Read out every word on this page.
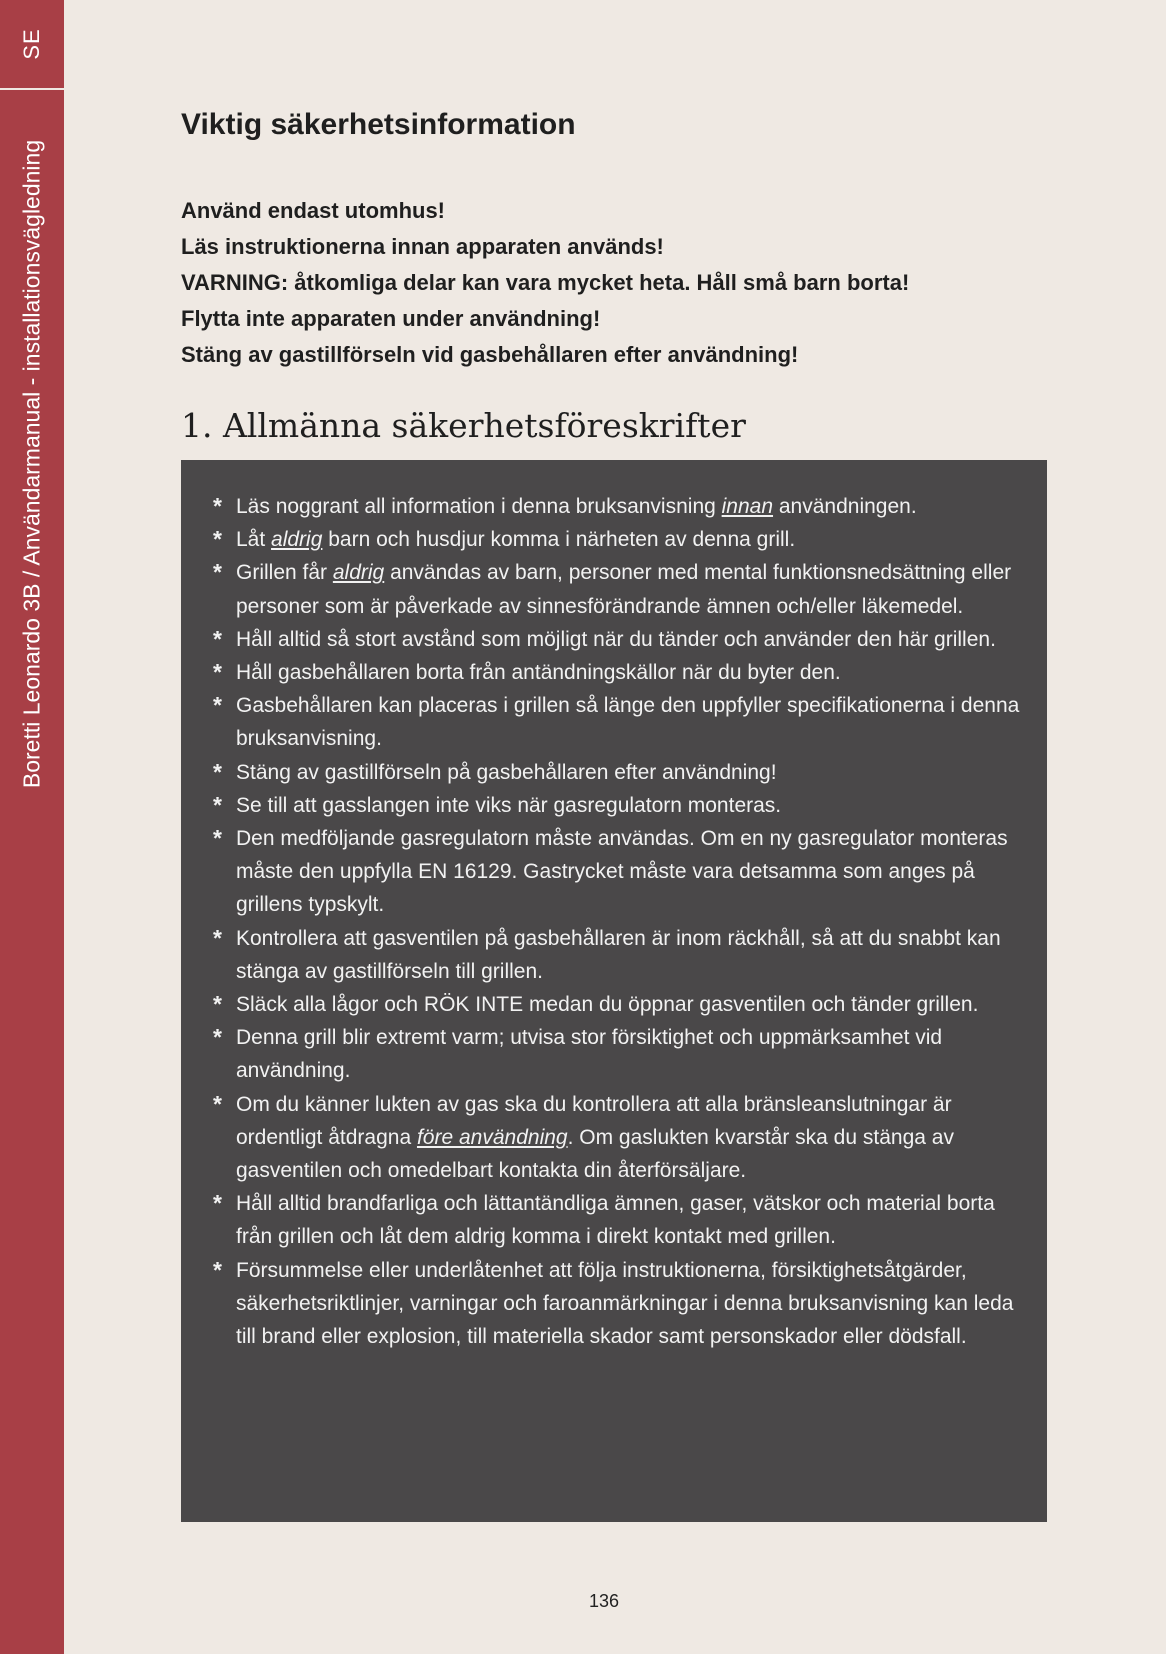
SE
Boretti Leonardo 3B / Användarmanual - installationsvägledning
Viktig säkerhetsinformation
Använd endast utomhus!
Läs instruktionerna innan apparaten används!
VARNING: åtkomliga delar kan vara mycket heta. Håll små barn borta!
Flytta inte apparaten under användning!
Stäng av gastillförseln vid gasbehållaren efter användning!
1. Allmänna säkerhetsföreskrifter
* Läs noggrant all information i denna bruksanvisning innan användningen.
* Låt aldrig barn och husdjur komma i närheten av denna grill.
* Grillen får aldrig användas av barn, personer med mental funktionsnedsättning eller personer som är påverkade av sinnesförändrande ämnen och/eller läkemedel.
* Håll alltid så stort avstånd som möjligt när du tänder och använder den här grillen.
* Håll gasbehållaren borta från antändningskällor när du byter den.
* Gasbehållaren kan placeras i grillen så länge den uppfyller specifikationerna i denna bruksanvisning.
* Stäng av gastillförseln på gasbehållaren efter användning!
* Se till att gasslangen inte viks när gasregulatorn monteras.
* Den medföljande gasregulatorn måste användas. Om en ny gasregulator monteras måste den uppfylla EN 16129. Gastrycket måste vara detsamma som anges på grillens typskylt.
* Kontrollera att gasventilen på gasbehållaren är inom räckhåll, så att du snabbt kan stänga av gastillförseln till grillen.
* Släck alla lågor och RÖK INTE medan du öppnar gasventilen och tänder grillen.
* Denna grill blir extremt varm; utvisa stor försiktighet och uppmärksamhet vid användning.
* Om du känner lukten av gas ska du kontrollera att alla bränsleanslutningar är ordentligt åtdragna före användning. Om gaslukten kvarstår ska du stänga av gasventilen och omedelbart kontakta din återförsäljare.
* Håll alltid brandfarliga och lättantändliga ämnen, gaser, vätskor och material borta från grillen och låt dem aldrig komma i direkt kontakt med grillen.
* Försummelse eller underlåtenhet att följa instruktionerna, försiktighetsåtgärder, säkerhetsriktlinjer, varningar och faroanmärkningar i denna bruksanvisning kan leda till brand eller explosion, till materiella skador samt personskador eller dödsfall.
136
